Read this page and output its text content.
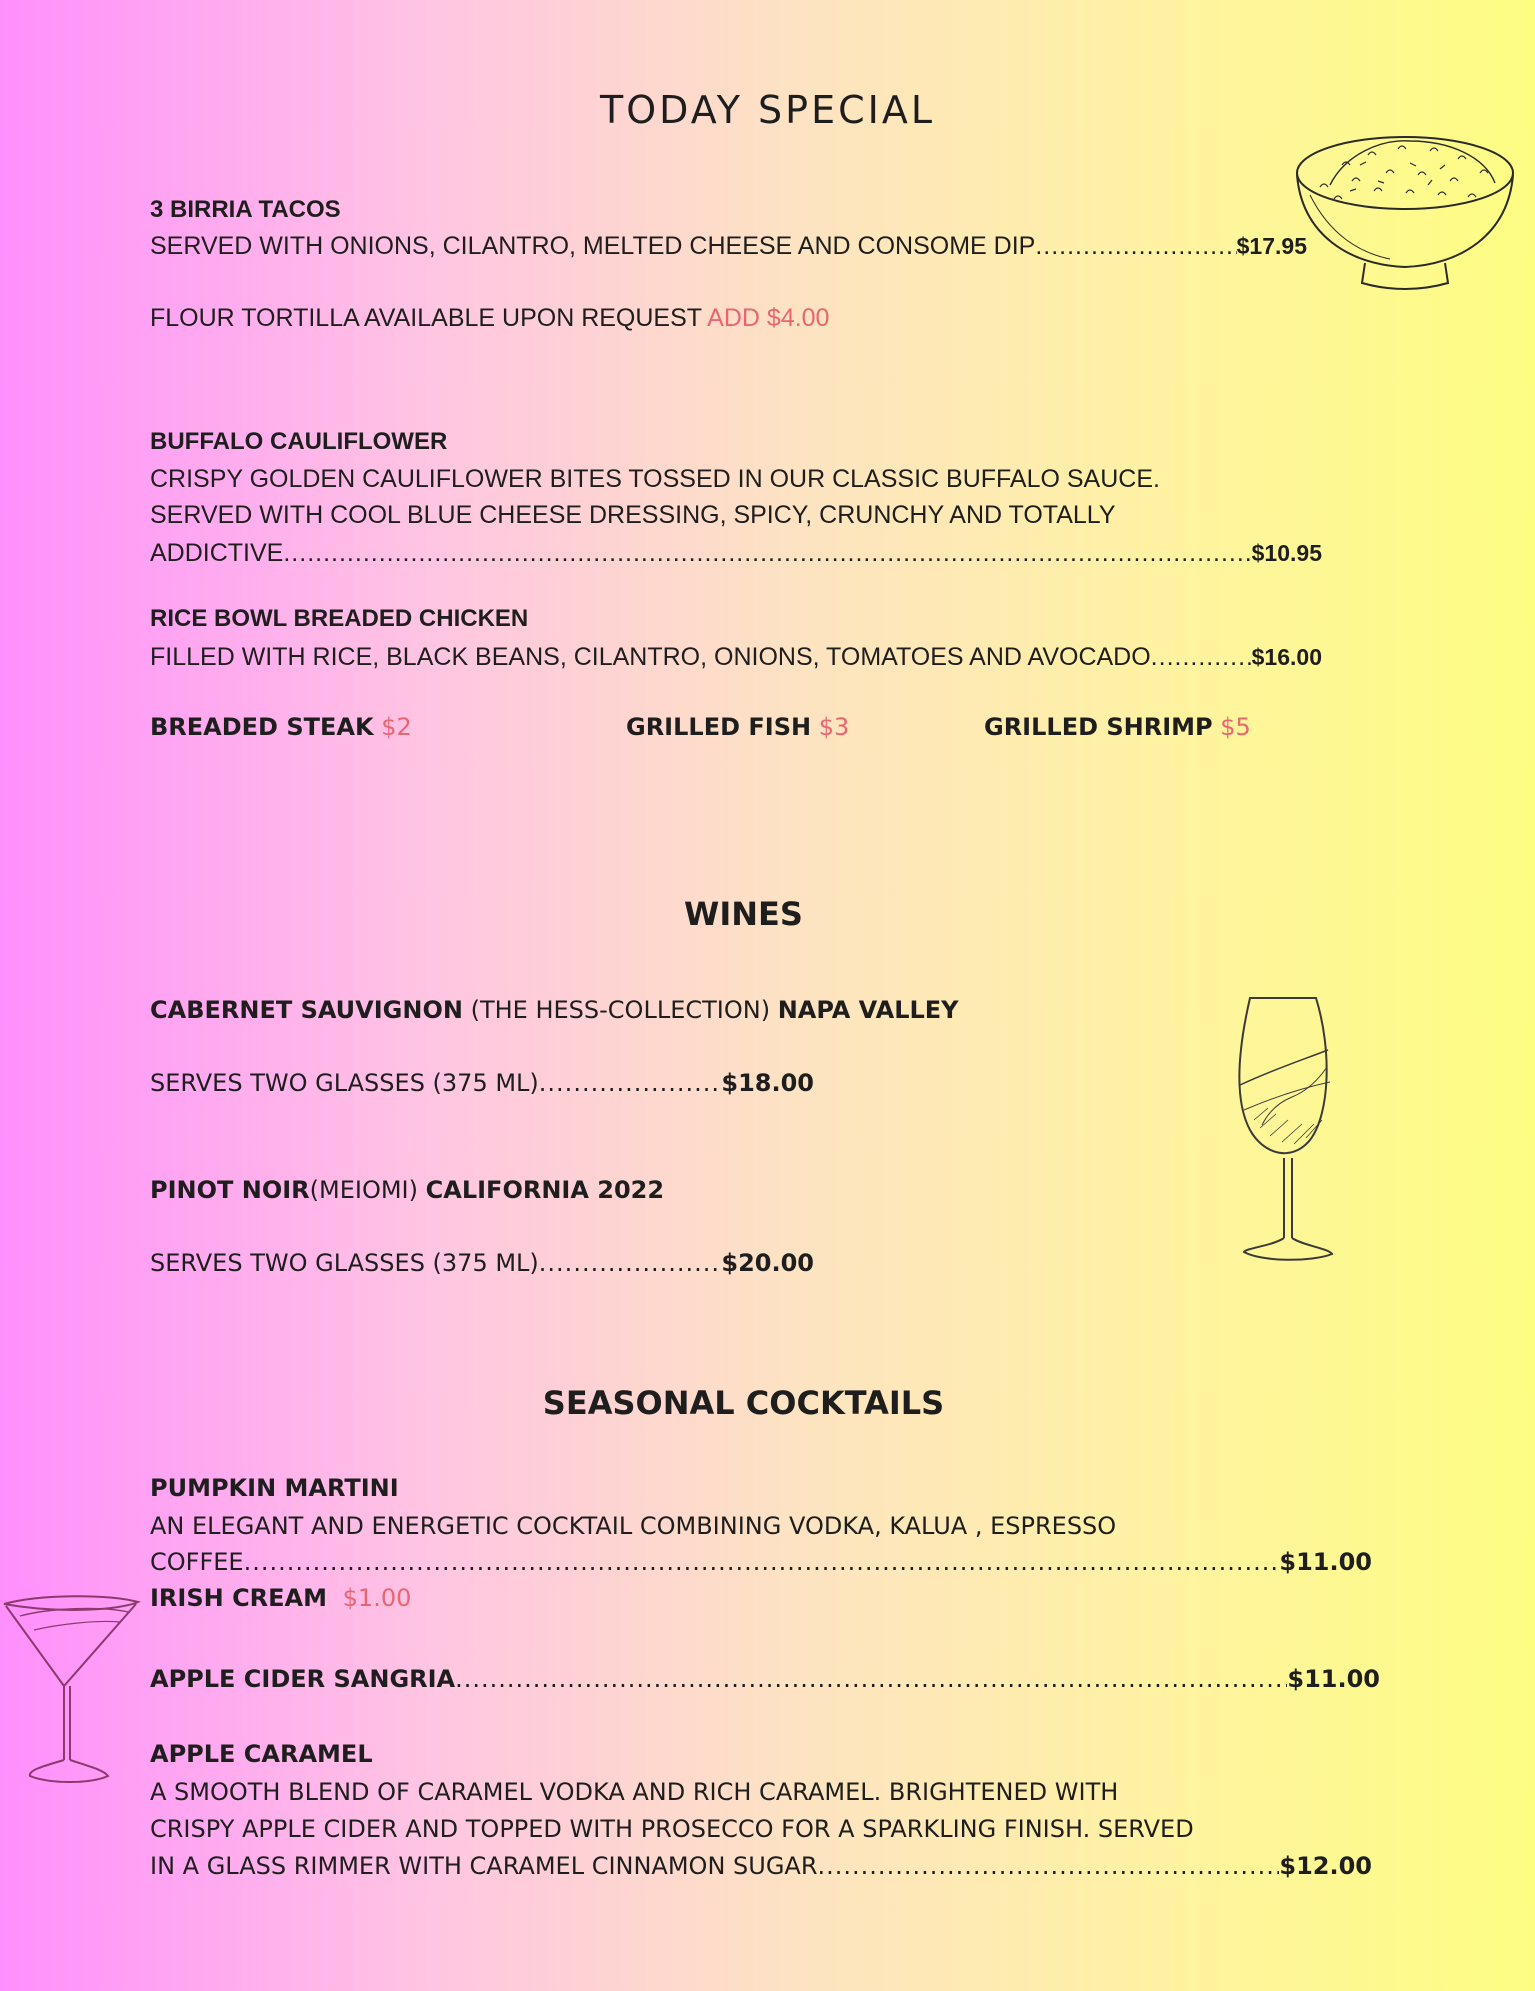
TODAY SPECIAL
3 BIRRIA TACOS
SERVED WITH ONIONS, CILANTRO, MELTED CHEESE AND CONSOME DIP .....	$17.95
FLOUR TORTILLA AVAILABLE UPON REQUEST ADD $4.00
BUFFALO CAULIFLOWER
CRISPY GOLDEN CAULIFLOWER BITES TOSSED IN OUR CLASSIC BUFFALO SAUCE.
SERVED WITH COOL BLUE CHEESE DRESSING, SPICY, CRUNCHY AND TOTALLY
ADDICTIVE .....	$10.95
RICE BOWL BREADED CHICKEN
FILLED WITH RICE, BLACK BEANS, CILANTRO, ONIONS, TOMATOES AND AVOCADO .....	$16.00
BREADED STEAK $2	GRILLED FISH $3	GRILLED SHRIMP $5
WINES
CABERNET SAUVIGNON (THE HESS-COLLECTION) NAPA VALLEY
SERVES TWO GLASSES (375 ML) .....	$18.00
PINOT NOIR(MEIOMI) CALIFORNIA 2022
SERVES TWO GLASSES (375 ML) .....	$20.00
SEASONAL COCKTAILS
PUMPKIN MARTINI
AN ELEGANT AND ENERGETIC COCKTAIL COMBINING VODKA, KALUA , ESPRESSO
COFFEE .....	$11.00
IRISH CREAM $1.00
APPLE CIDER SANGRIA .....	$11.00
APPLE CARAMEL
A SMOOTH BLEND OF CARAMEL VODKA AND RICH CARAMEL. BRIGHTENED WITH
CRISPY APPLE CIDER AND TOPPED WITH PROSECCO FOR A SPARKLING FINISH. SERVED
IN A GLASS RIMMER WITH CARAMEL CINNAMON SUGAR .....	$12.00
